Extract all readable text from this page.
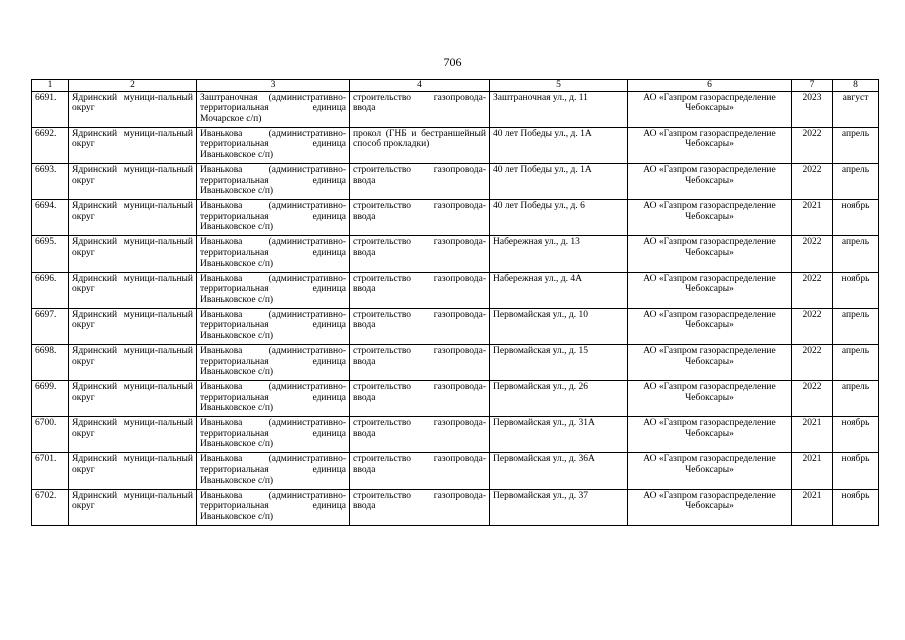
706
1	2	3	4	5	6	7	8
6691.	Ядринский муници-пальный округ	Заштраночная (административно-территориальная единица Мочарское с/п)	строительство газопровода-ввода	Заштраночная ул., д. 11	АО «Газпром газораспределение Чебоксары»	2023	август
6692.	Ядринский муници-пальный округ	Иванькова (административно-территориальная единица Иваньковское с/п)	прокол (ГНБ и бестраншейный способ прокладки)	40 лет Победы ул., д. 1А	АО «Газпром газораспределение Чебоксары»	2022	апрель
6693.	Ядринский муници-пальный округ	Иванькова (административно-территориальная единица Иваньковское с/п)	строительство газопровода-ввода	40 лет Победы ул., д. 1А	АО «Газпром газораспределение Чебоксары»	2022	апрель
6694.	Ядринский муници-пальный округ	Иванькова (административно-территориальная единица Иваньковское с/п)	строительство газопровода-ввода	40 лет Победы ул., д. 6	АО «Газпром газораспределение Чебоксары»	2021	ноябрь
6695.	Ядринский муници-пальный округ	Иванькова (административно-территориальная единица Иваньковское с/п)	строительство газопровода-ввода	Набережная ул., д. 13	АО «Газпром газораспределение Чебоксары»	2022	апрель
6696.	Ядринский муници-пальный округ	Иванькова (административно-территориальная единица Иваньковское с/п)	строительство газопровода-ввода	Набережная ул., д. 4А	АО «Газпром газораспределение Чебоксары»	2022	ноябрь
6697.	Ядринский муници-пальный округ	Иванькова (административно-территориальная единица Иваньковское с/п)	строительство газопровода-ввода	Первомайская ул., д. 10	АО «Газпром газораспределение Чебоксары»	2022	апрель
6698.	Ядринский муници-пальный округ	Иванькова (административно-территориальная единица Иваньковское с/п)	строительство газопровода-ввода	Первомайская ул., д. 15	АО «Газпром газораспределение Чебоксары»	2022	апрель
6699.	Ядринский муници-пальный округ	Иванькова (административно-территориальная единица Иваньковское с/п)	строительство газопровода-ввода	Первомайская ул., д. 26	АО «Газпром газораспределение Чебоксары»	2022	апрель
6700.	Ядринский муници-пальный округ	Иванькова (административно-территориальная единица Иваньковское с/п)	строительство газопровода-ввода	Первомайская ул., д. 31А	АО «Газпром газораспределение Чебоксары»	2021	ноябрь
6701.	Ядринский муници-пальный округ	Иванькова (административно-территориальная единица Иваньковское с/п)	строительство газопровода-ввода	Первомайская ул., д. 36А	АО «Газпром газораспределение Чебоксары»	2021	ноябрь
6702.	Ядринский муници-пальный округ	Иванькова (административно-территориальная единица Иваньковское с/п)	строительство газопровода-ввода	Первомайская ул., д. 37	АО «Газпром газораспределение Чебоксары»	2021	ноябрь
